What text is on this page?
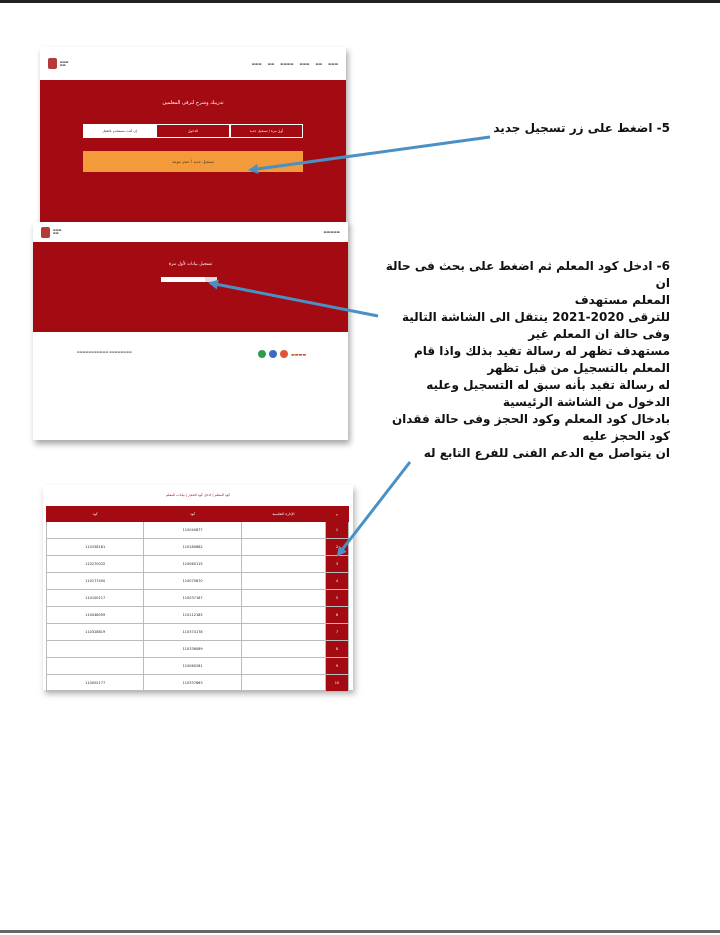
▬▬▬
▬▬	▬▬▬
▬▬
▬▬▬
▬▬▬▬
▬▬
▬▬▬
تدريبك وشرح لترقى المعلمين
أول مرة / تسجيل جديد
الدخول
إن كنت مستخدم بالفعل
تسجيل جديد / حجز موعد
▬▬▬
▬▬	▬▬▬▬▬
تسجيل بيانات لأول مرة
▬▬▬▬▬▬▬▬▬▬▬ ▬▬▬▬▬▬▬▬	▬▬▬▬
كود المعلم | ادخل كود الحجز | بيانات المعلم
كود	كود	الإدارة التعليمية	م
	110040877		1
110158181	110180662		2
110270032	110060115		3
110177400	110075870		4
110100117	110037187		5
110048059	110112185		6
110328819	110374178		7
	110336089		8
	110060281		9
110002177	110337663		10
5- اضغط على زر تسجيل جديد
6- ادخل كود المعلم ثم اضغط على بحث فى حالة ان
المعلم مستهدف
للترقى 2020-2021 ينتقل الى الشاشة التالية
وفى حالة ان المعلم غير
مستهدف تظهر له رسالة تفيد بذلك واذا قام
المعلم بالتسجيل من قبل تظهر
له رسالة تفيد بأنه سبق له التسجيل وعليه
الدخول من الشاشة الرئيسية
بادخال كود المعلم وكود الحجز وفى حالة فقدان
كود الحجز عليه
ان يتواصل مع الدعم الفنى للفرع التابع له
